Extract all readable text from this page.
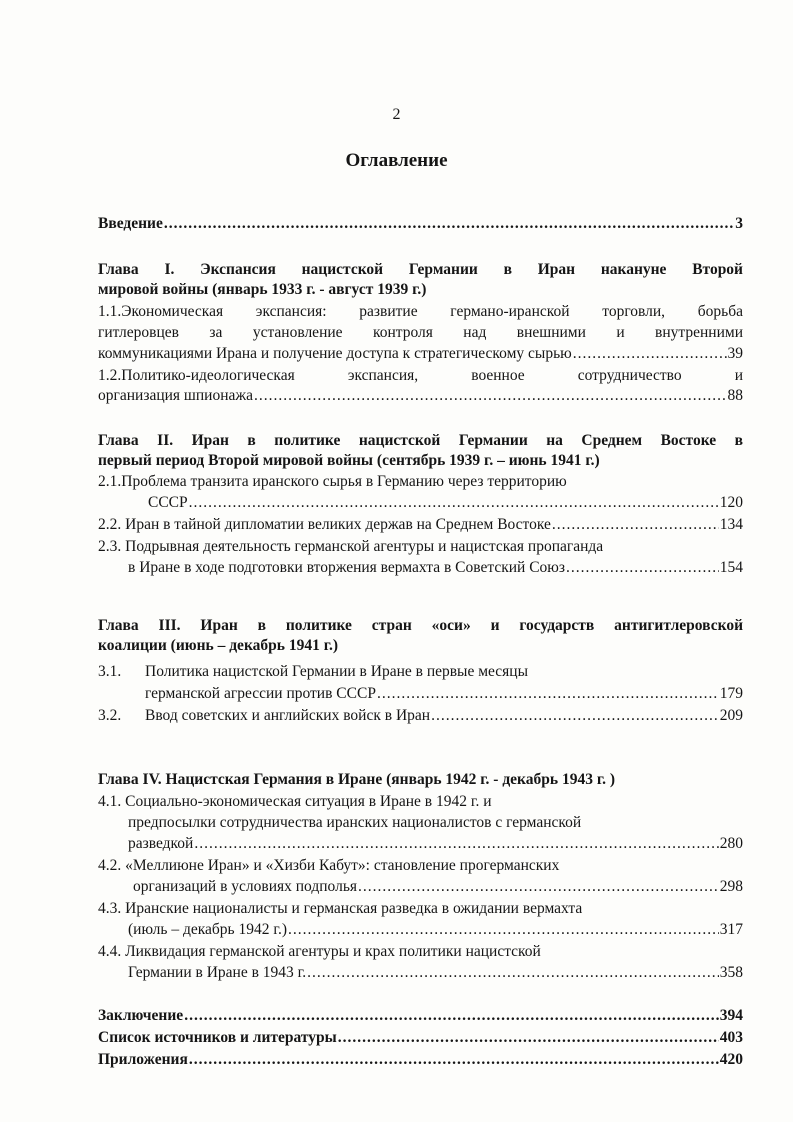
2
Оглавление
Введение .....	3
Глава I. Экспансия нацистской Германии в Иран накануне Второй
мировой войны (январь 1933 г. - август 1939 г.)
1.1.Экономическая экспансия: развитие германо-иранской торговли, борьба
гитлеровцев за установление контроля над внешними и внутренними
коммуникациями Ирана и получение доступа к стратегическому сырью .....	39
1.2.Политико-идеологическая экспансия, военное сотрудничество и
организация шпионажа .....	88
Глава II. Иран в политике нацистской Германии на Среднем Востоке в
первый период Второй мировой войны (сентябрь 1939 г. – июнь 1941 г.)
2.1.Проблема транзита иранского сырья в Германию через территорию
СССР .....	120
2.2. Иран в тайной дипломатии великих держав на Среднем Востоке .....	134
2.3. Подрывная деятельность германской агентуры и нацистская пропаганда
в Иране в ходе подготовки вторжения вермахта в Советский Союз .....	154
Глава III. Иран в политике стран «оси» и государств антигитлеровской
коалиции (июнь – декабрь 1941 г.)
3.1. Политика нацистской Германии в Иране в первые месяцы
германской агрессии против СССР .....	179
3.2. Ввод советских и английских войск в Иран .....	209
Глава IV. Нацистская Германия в Иране (январь 1942 г. - декабрь 1943 г. )
4.1. Социально-экономическая ситуация в Иране в 1942 г. и
предпосылки сотрудничества иранских националистов с германской
разведкой .....	280
4.2. «Меллиюне Иран» и «Хизби Кабут»: становление прогерманских
организаций в условиях подполья .....	298
4.3. Иранские националисты и германская разведка в ожидании вермахта
(июль – декабрь 1942 г.) .....	317
4.4. Ликвидация германской агентуры и крах политики нацистской
Германии в Иране в 1943 г. .....	358
Заключение .....	394
Список источников и литературы .....	403
Приложения .....	420
